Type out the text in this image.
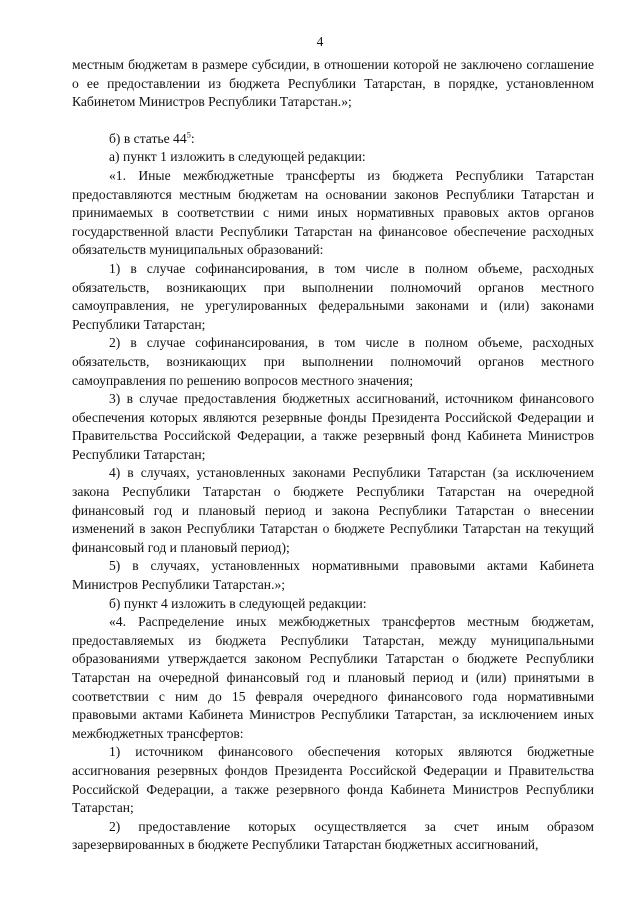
4

местным бюджетам в размере субсидии, в отношении которой не заключено соглашение о ее предоставлении из бюджета Республики Татарстан, в порядке, установленном Кабинетом Министров Республики Татарстан.»;

б) в статье $44^5$:

а) пункт 1 изложить в следующей редакции:

«1. Иные межбюджетные трансферты из бюджета Республики Татарстан предоставляются местным бюджетам на основании законов Республики Татарстан и принимаемых в соответствии с ними иных нормативных правовых актов органов государственной власти Республики Татарстан на финансовое обеспечение расходных обязательств муниципальных образований:

1) в случае софинансирования, в том числе в полном объеме, расходных обязательств, возникающих при выполнении полномочий органов местного самоуправления, не урегулированных федеральными законами и (или) законами Республики Татарстан;

2) в случае софинансирования, в том числе в полном объеме, расходных обязательств, возникающих при выполнении полномочий органов местного самоуправления по решению вопросов местного значения;

3) в случае предоставления бюджетных ассигнований, источником финансового обеспечения которых являются резервные фонды Президента Российской Федерации и Правительства Российской Федерации, а также резервный фонд Кабинета Министров Республики Татарстан;

4) в случаях, установленных законами Республики Татарстан (за исключением закона Республики Татарстан о бюджете Республики Татарстан на очередной финансовый год и плановый период и закона Республики Татарстан о внесении изменений в закон Республики Татарстан о бюджете Республики Татарстан на текущий финансовый год и плановый период);

5) в случаях, установленных нормативными правовыми актами Кабинета Министров Республики Татарстан.»;

б) пункт 4 изложить в следующей редакции:

«4. Распределение иных межбюджетных трансфертов местным бюджетам, предоставляемых из бюджета Республики Татарстан, между муниципальными образованиями утверждается законом Республики Татарстан о бюджете Республики Татарстан на очередной финансовый год и плановый период и (или) принятыми в соответствии с ним до 15 февраля очередного финансового года нормативными правовыми актами Кабинета Министров Республики Татарстан, за исключением иных межбюджетных трансфертов:

1) источником финансового обеспечения которых являются бюджетные ассигнования резервных фондов Президента Российской Федерации и Правительства Российской Федерации, а также резервного фонда Кабинета Министров Республики Татарстан;

2) предоставление которых осуществляется за счет иным образом зарезервированных в бюджете Республики Татарстан бюджетных ассигнований,
